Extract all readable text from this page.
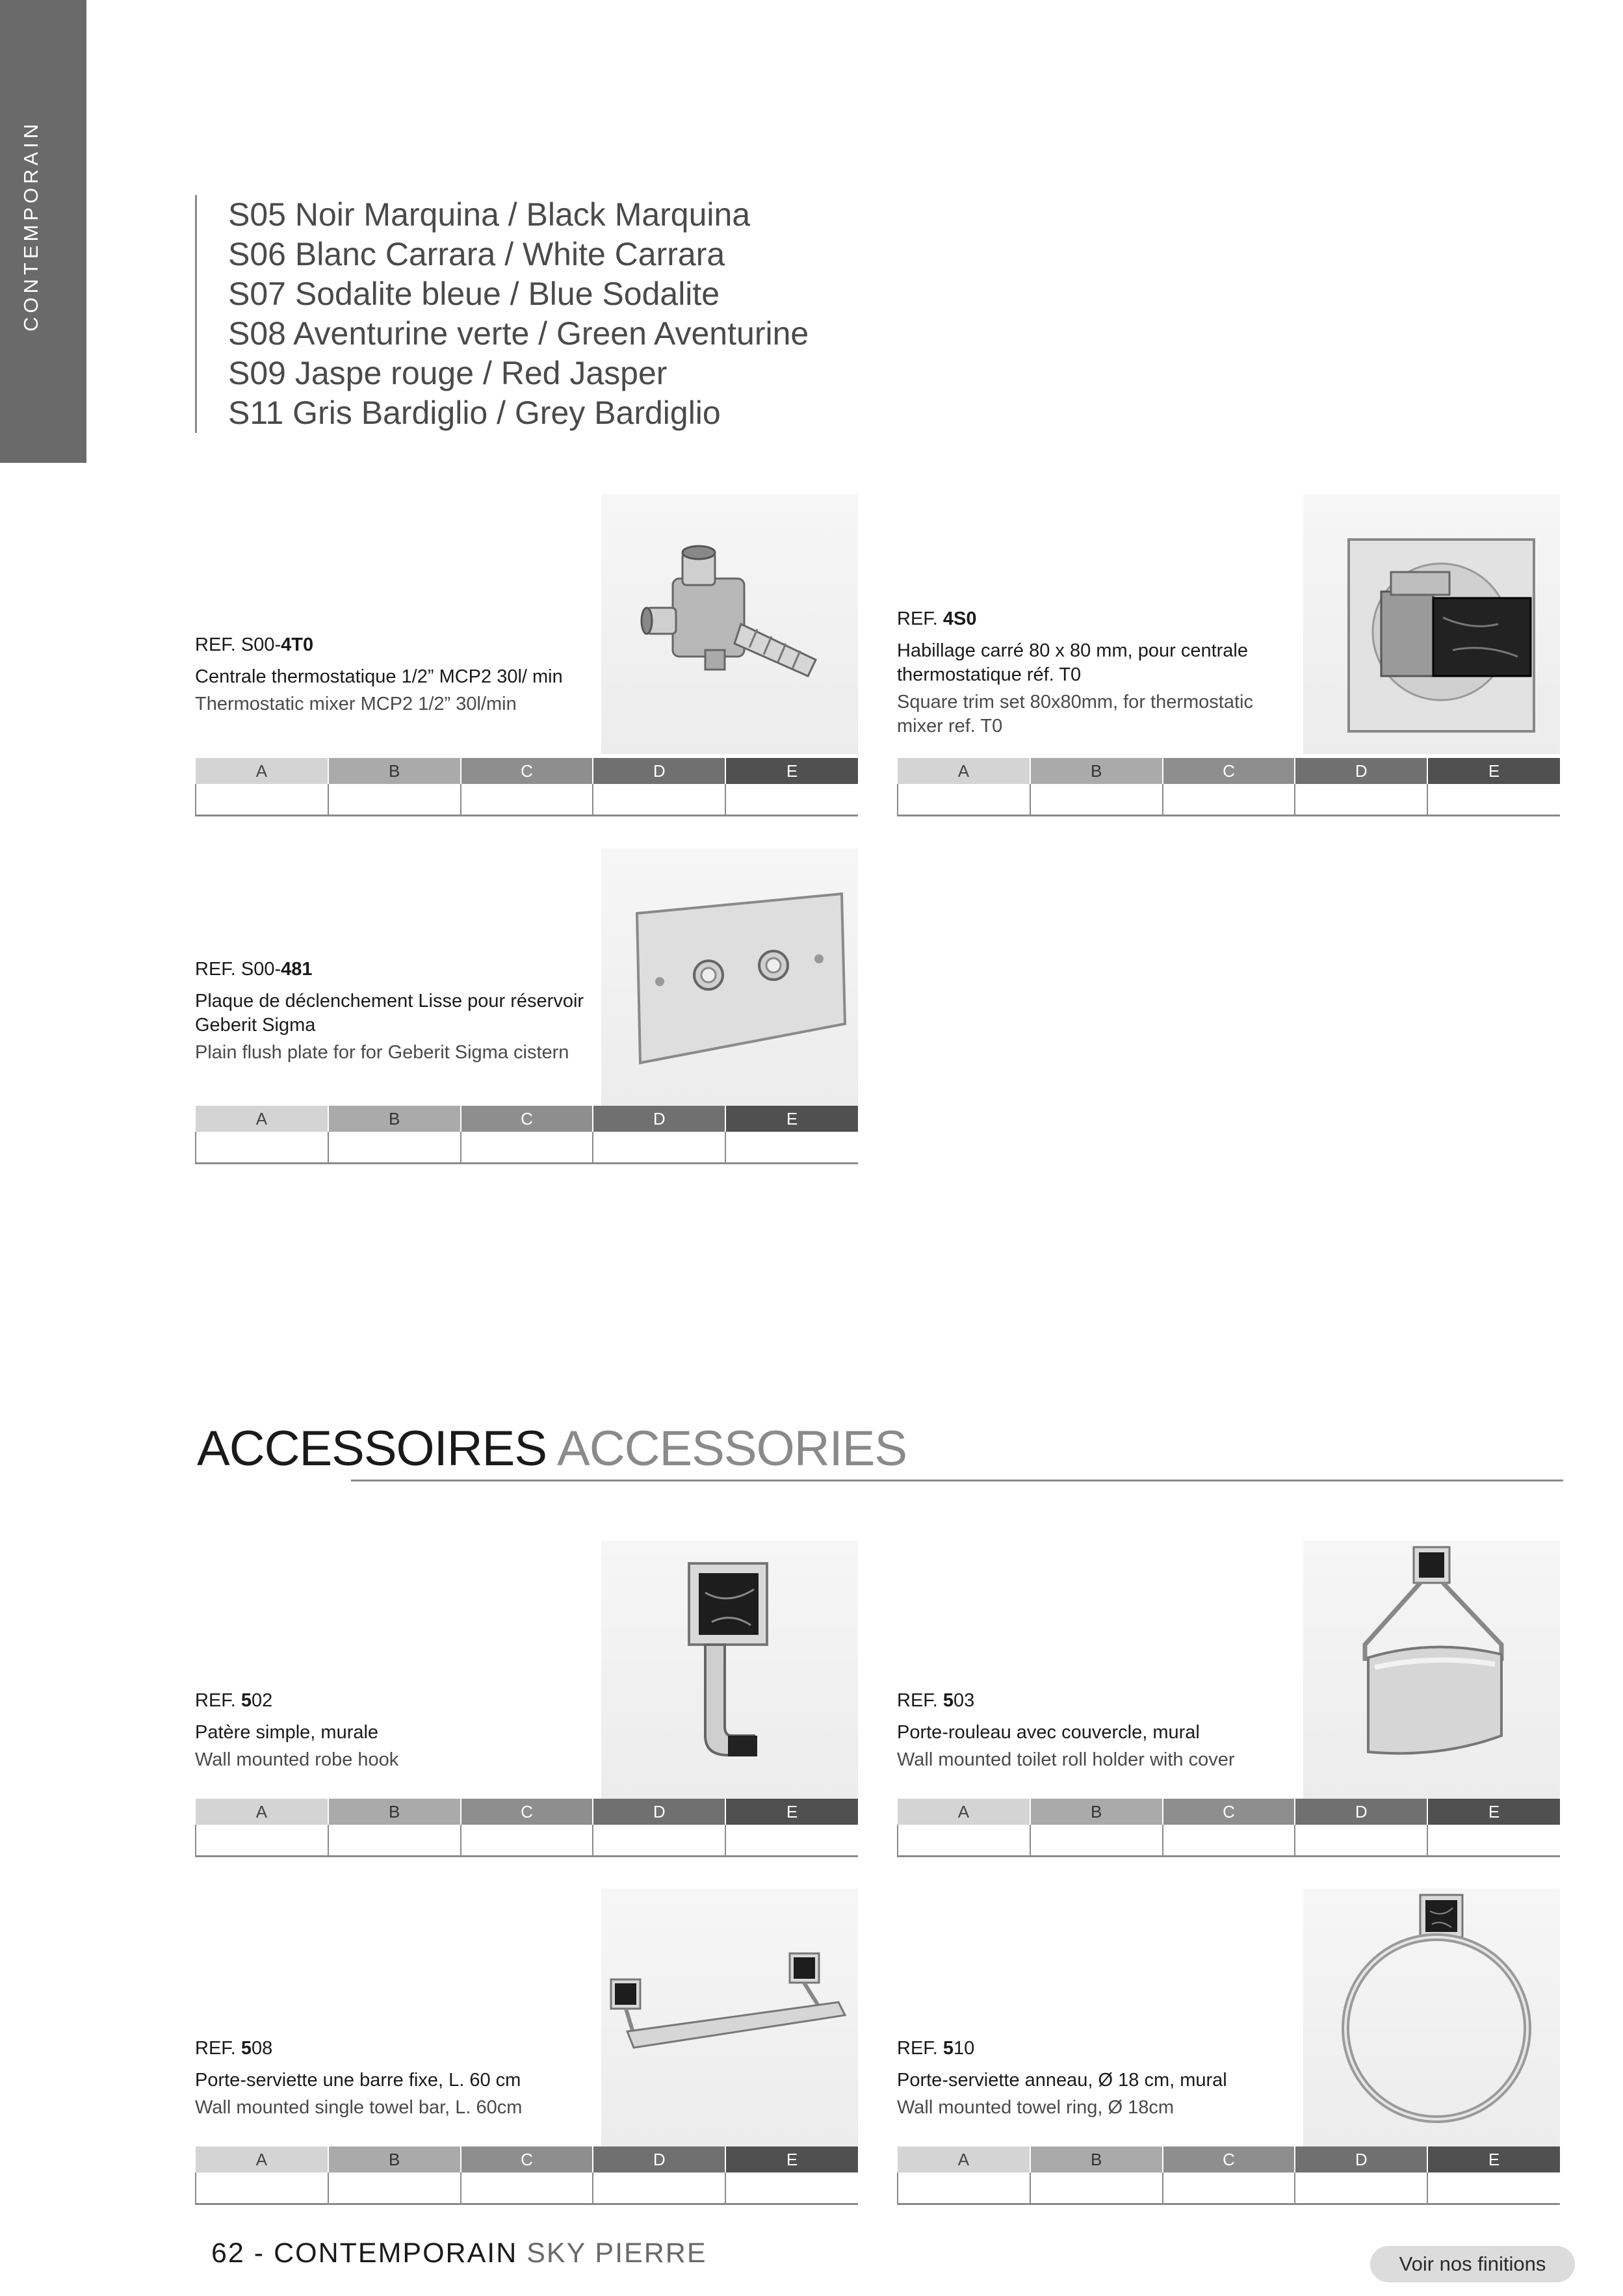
CONTEMPORAIN	S05 Noir Marquina / Black Marquina
S06 Blanc Carrara / White Carrara
S07 Sodalite bleue / Blue Sodalite
S08 Aventurine verte / Green Aventurine
S09 Jaspe rouge / Red Jasper
S11 Gris Bardiglio / Grey Bardiglio
REF. S00-4T0
Centrale thermostatique 1/2” MCP2 30l/ min
Thermostatic mixer MCP2 1/2” 30l/min
A	B	C	D	E

REF. 4S0
Habillage carré 80 x 80 mm, pour centrale thermostatique réf. T0
Square trim set 80x80mm, for thermostatic mixer ref. T0
A	B	C	D	E

REF. S00-481
Plaque de déclenchement Lisse pour réservoir Geberit Sigma
Plain flush plate for for Geberit Sigma cistern
A	B	C	D	E

ACCESSOIRES ACCESSORIES
REF. 502
Patère simple, murale
Wall mounted robe hook
A	B	C	D	E

REF. 503
Porte-rouleau avec couvercle, mural
Wall mounted toilet roll holder with cover
A	B	C	D	E

REF. 508
Porte-serviette une barre fixe, L. 60 cm
Wall mounted single towel bar, L. 60cm
A	B	C	D	E

REF. 510
Porte-serviette anneau, Ø 18 cm, mural
Wall mounted towel ring, Ø 18cm
A	B	C	D	E

62 - CONTEMPORAIN SKY PIERRE	Voir nos finitions
